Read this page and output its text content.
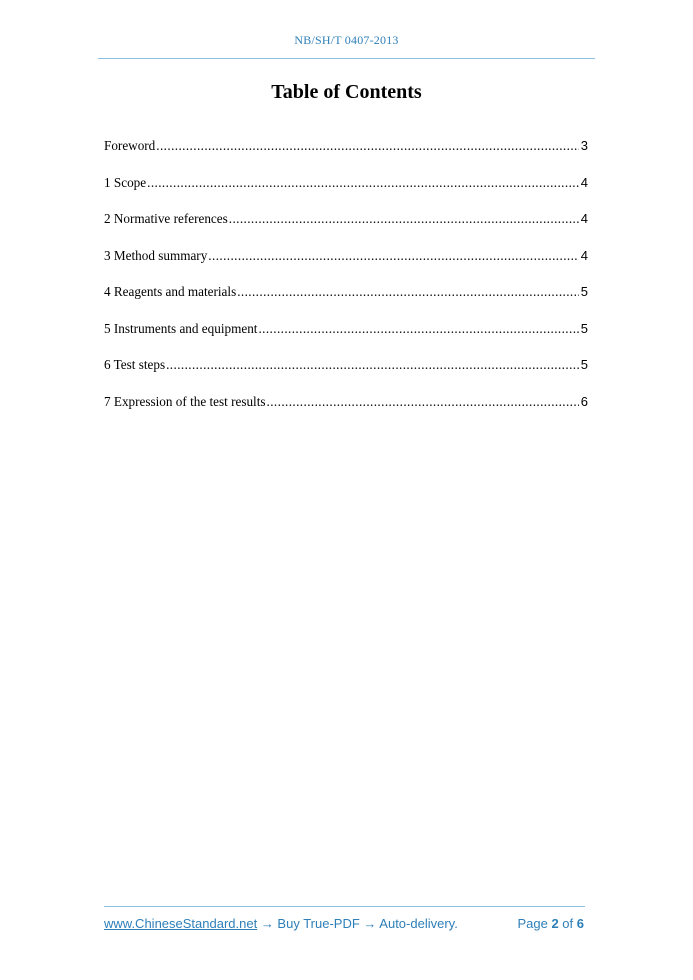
NB/SH/T 0407-2013
Table of Contents
Foreword .....	3
1 Scope .....	4
2 Normative references .....	4
3 Method summary .....	4
4 Reagents and materials .....	5
5 Instruments and equipment .....	5
6 Test steps .....	5
7 Expression of the test results .....	6
www.ChineseStandard.net → Buy True-PDF → Auto-delivery.	Page 2 of 6
